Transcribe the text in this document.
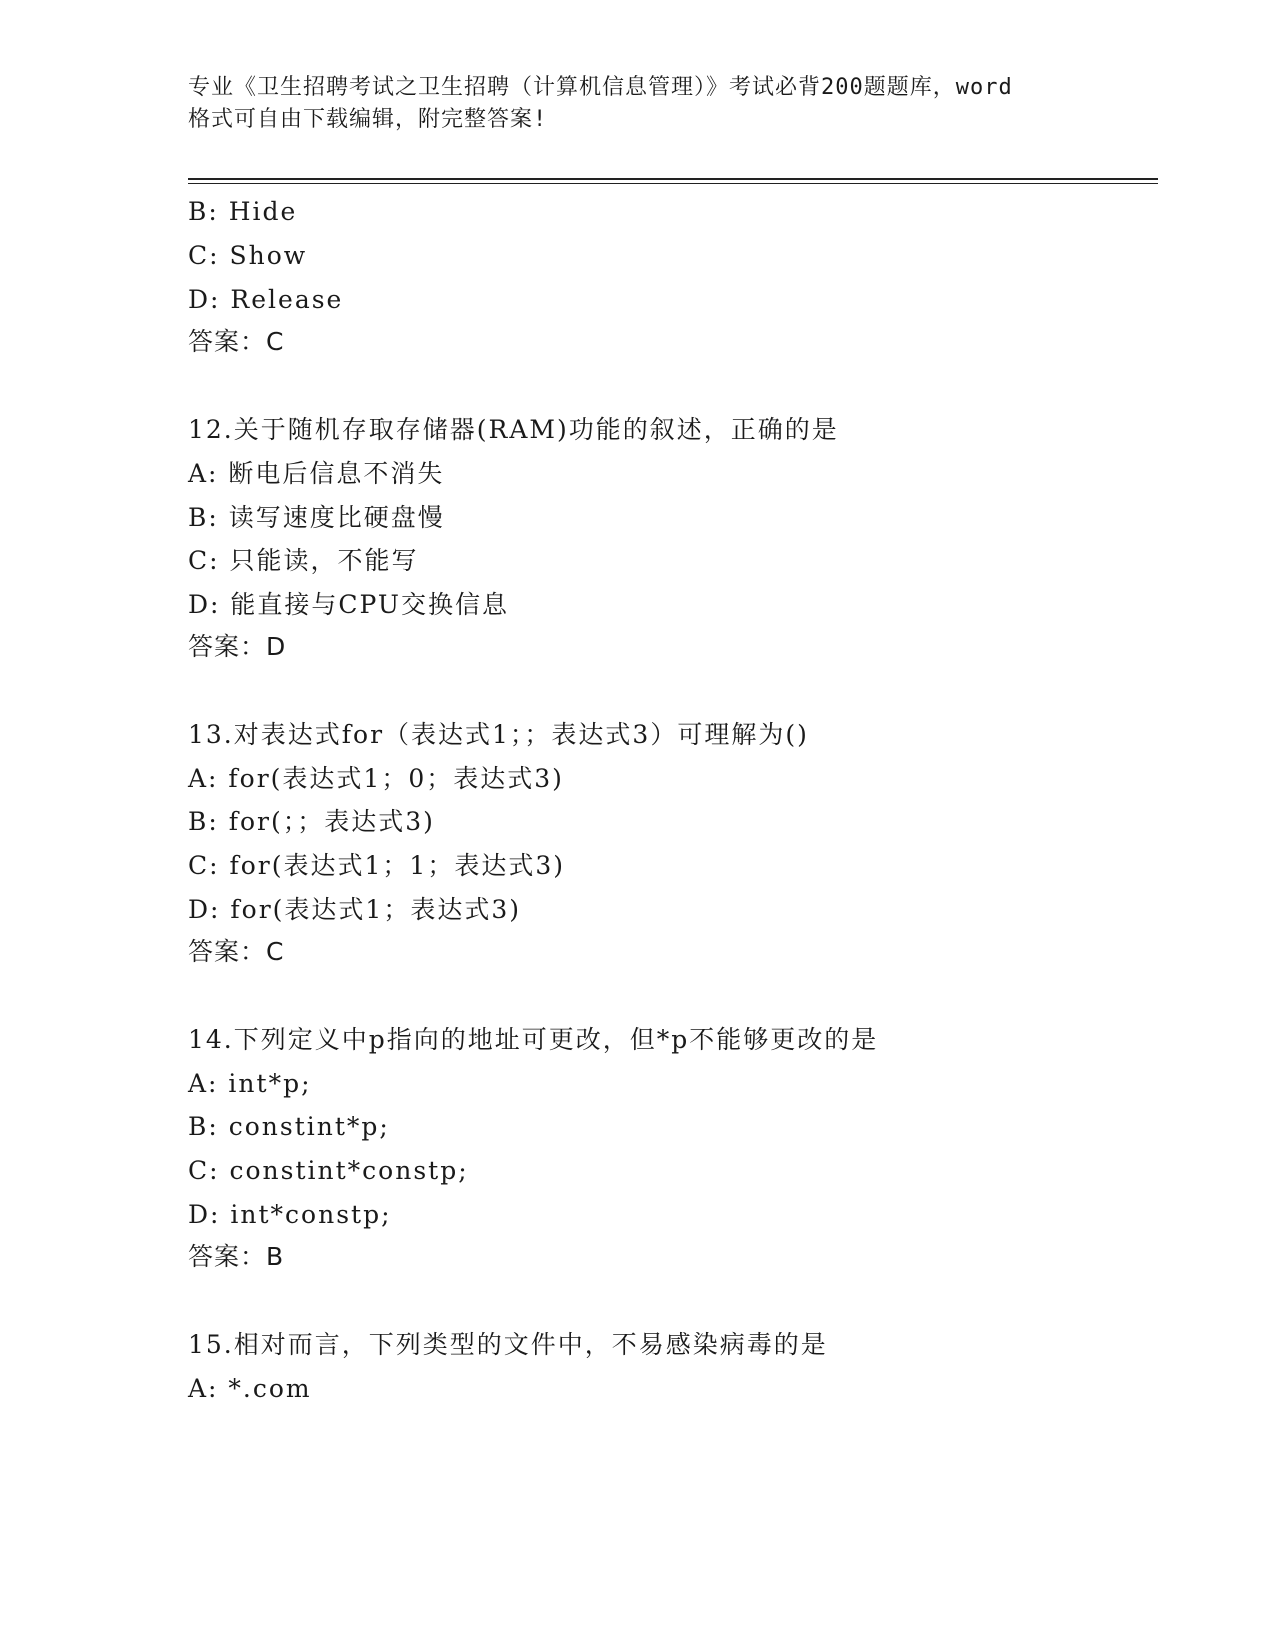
专业《卫生招聘考试之卫生招聘（计算机信息管理）》考试必背200题题库，word
格式可自由下载编辑，附完整答案!
B: Hide
C: Show
D: Release
答案：C
12.关于随机存取存储器(RAM)功能的叙述，正确的是
A: 断电后信息不消失
B: 读写速度比硬盘慢
C: 只能读，不能写
D: 能直接与CPU交换信息
答案：D
13.对表达式for（表达式1；；表达式3）可理解为()
A: for(表达式1；0；表达式3)
B: for(；；表达式3)
C: for(表达式1；1；表达式3)
D: for(表达式1；表达式3)
答案：C
14.下列定义中p指向的地址可更改，但*p不能够更改的是
A: int*p;
B: constint*p;
C: constint*constp;
D: int*constp;
答案：B
15.相对而言，下列类型的文件中，不易感染病毒的是
A: *.com
